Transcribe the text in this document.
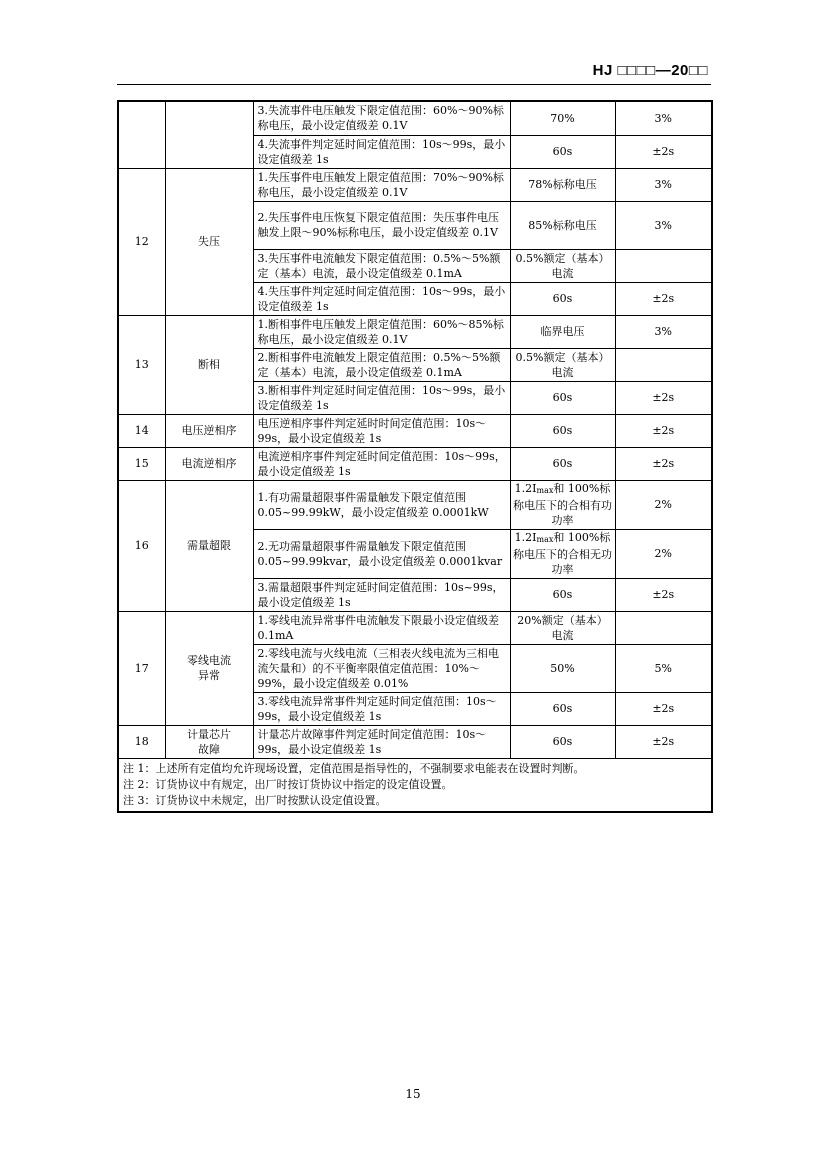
HJ □□□□—20□□
		3.失流事件电压触发下限定值范围：60%～90%标称电压，最小设定值级差 0.1V	70%	3%
		4.失流事件判定延时间定值范围：10s～99s，最小设定值级差 1s	60s	±2s
12	失压	1.失压事件电压触发上限定值范围：70%～90%标称电压，最小设定值级差 0.1V	78%标称电压	3%
		2.失压事件电压恢复下限定值范围：失压事件电压触发上限～90%标称电压，最小设定值级差 0.1V	85%标称电压	3%
		3.失压事件电流触发下限定值范围：0.5%～5%额定（基本）电流，最小设定值级差 0.1mA	0.5%额定（基本）电流	
		4.失压事件判定延时间定值范围：10s～99s，最小设定值级差 1s	60s	±2s
13	断相	1.断相事件电压触发上限定值范围：60%～85%标称电压，最小设定值级差 0.1V	临界电压	3%
		2.断相事件电流触发上限定值范围：0.5%～5%额定（基本）电流，最小设定值级差 0.1mA	0.5%额定（基本）电流	
		3.断相事件判定延时间定值范围：10s～99s，最小设定值级差 1s	60s	±2s
14	电压逆相序	电压逆相序事件判定延时时间定值范围：10s～99s，最小设定值级差 1s	60s	±2s
15	电流逆相序	电流逆相序事件判定延时间定值范围：10s～99s，最小设定值级差 1s	60s	±2s
16	需量超限	1.有功需量超限事件需量触发下限定值范围0.05~99.99kW，最小设定值级差 0.0001kW	$1.2I_{max}$和 100%标称电压下的合相有功功率	2%
		2.无功需量超限事件需量触发下限定值范围0.05~99.99kvar，最小设定值级差 0.0001kvar	$1.2I_{max}$和 100%标称电压下的合相无功功率	2%
		3.需量超限事件判定延时间定值范围：10s~99s，最小设定值级差 1s	60s	±2s
17	零线电流异常	1.零线电流异常事件电流触发下限最小设定值级差 0.1mA	20%额定（基本）电流	
		2.零线电流与火线电流（三相表火线电流为三相电流矢量和）的不平衡率限值定值范围：10%～99%，最小设定值级差 0.01%	50%	5%
		3.零线电流异常事件判定延时间定值范围：10s～99s，最小设定值级差 1s	60s	±2s
18	计量芯片故障	计量芯片故障事件判定延时间定值范围：10s～99s，最小设定值级差 1s	60s	±2s

注 1：上述所有定值均允许现场设置，定值范围是指导性的，不强制要求电能表在设置时判断。
注 2：订货协议中有规定，出厂时按订货协议中指定的设定值设置。
注 3：订货协议中未规定，出厂时按默认设定值设置。				
15
